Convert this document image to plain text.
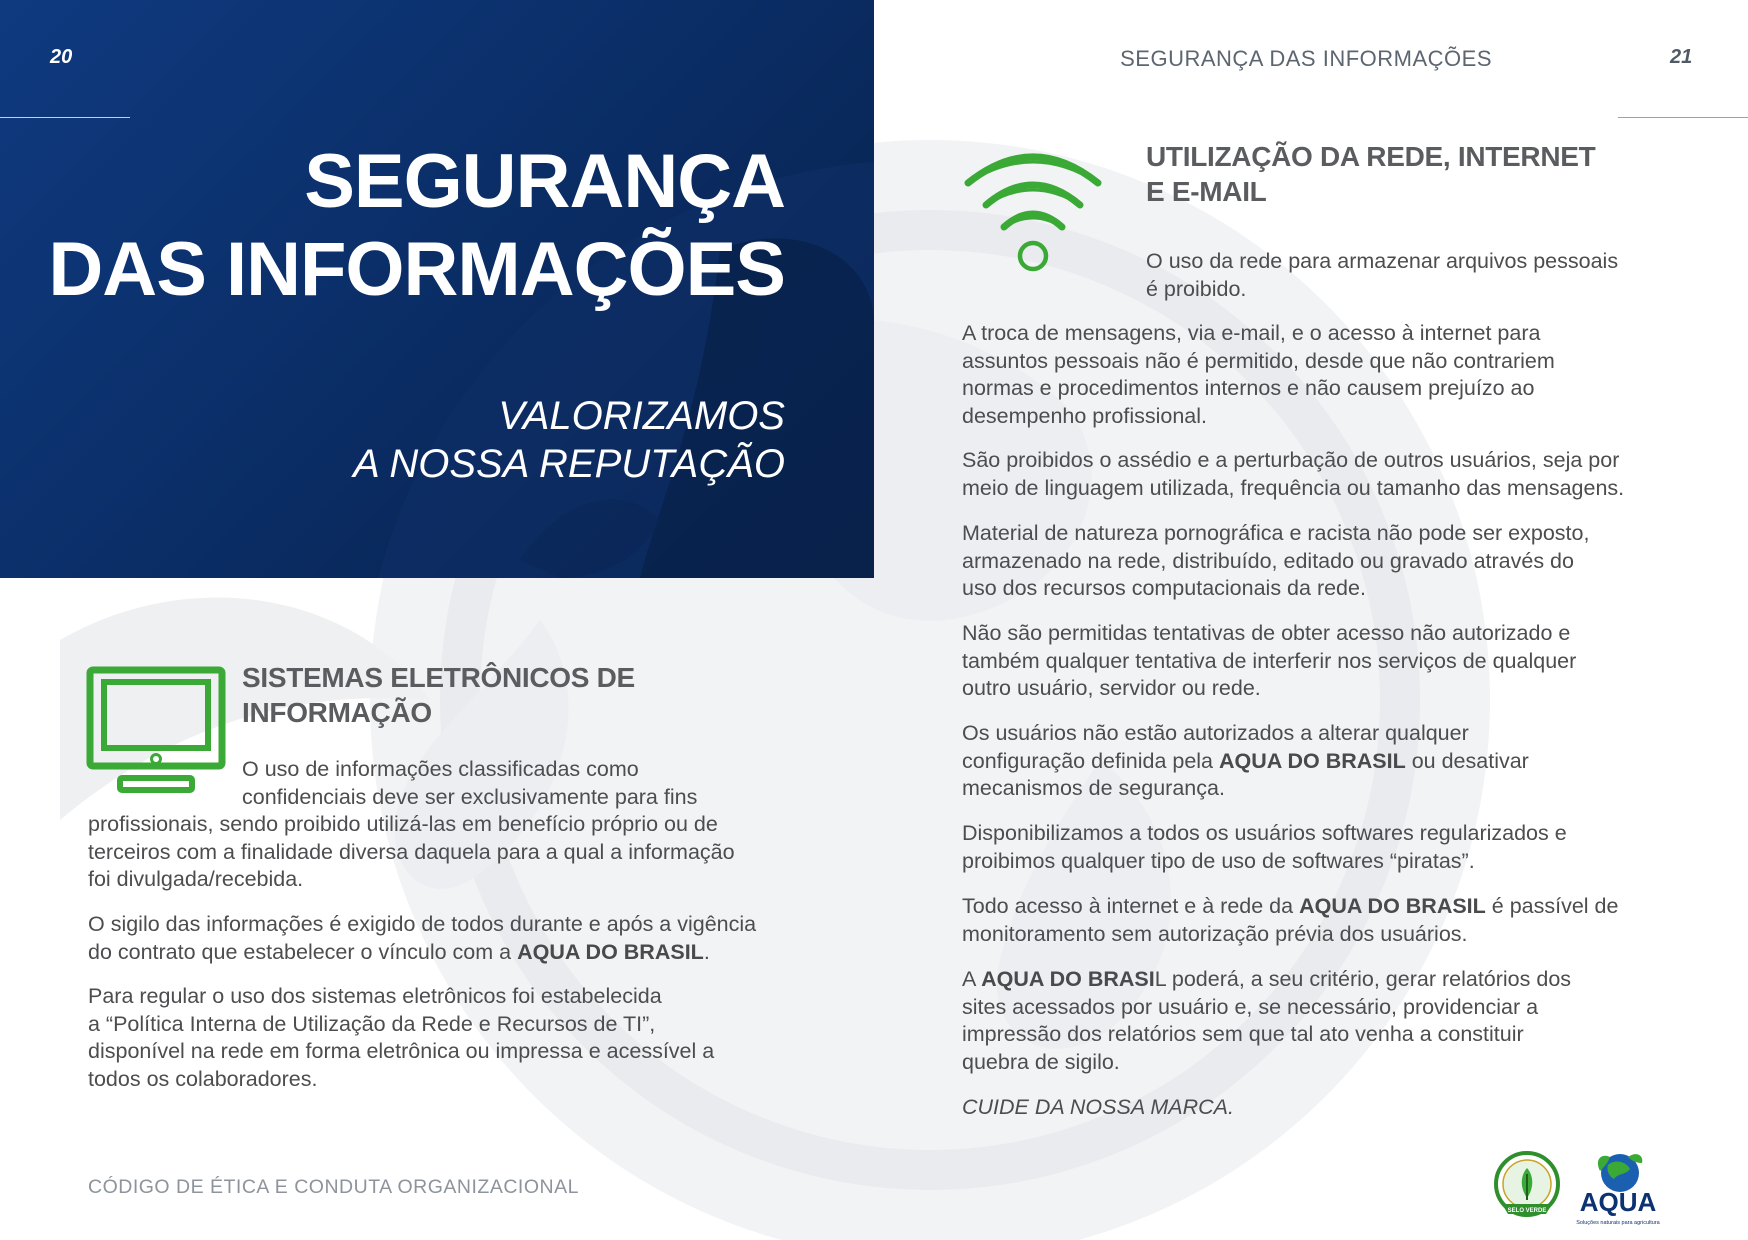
20
SEGURANÇA
DAS INFORMAÇÕES
VALORIZAMOS
A NOSSA REPUTAÇÃO
SISTEMAS ELETRÔNICOS DE
INFORMAÇÃO

O uso de informações classificadas como
confidenciais deve ser exclusivamente para fins
profissionais, sendo proibido utilizá-las em benefício próprio ou de
terceiros com a finalidade diversa daquela para a qual a informação
foi divulgada/recebida.

O sigilo das informações é exigido de todos durante e após a vigência
do contrato que estabelecer o vínculo com a AQUA DO BRASIL.

Para regular o uso dos sistemas eletrônicos foi estabelecida
a “Política Interna de Utilização da Rede e Recursos de TI”,
disponível na rede em forma eletrônica ou impressa e acessível a
todos os colaboradores.

CÓDIGO DE ÉTICA E CONDUTA ORGANIZACIONAL
SEGURANÇA DAS INFORMAÇÕES	21
UTILIZAÇÃO DA REDE, INTERNET
E E-MAIL

O uso da rede para armazenar arquivos pessoais
é proibido.

A troca de mensagens, via e-mail, e o acesso à internet para
assuntos pessoais não é permitido, desde que não contrariem
normas e procedimentos internos e não causem prejuízo ao
desempenho profissional.

São proibidos o assédio e a perturbação de outros usuários, seja por
meio de linguagem utilizada, frequência ou tamanho das mensagens.

Material de natureza pornográfica e racista não pode ser exposto,
armazenado na rede, distribuído, editado ou gravado através do
uso dos recursos computacionais da rede.

Não são permitidas tentativas de obter acesso não autorizado e
também qualquer tentativa de interferir nos serviços de qualquer
outro usuário, servidor ou rede.

Os usuários não estão autorizados a alterar qualquer
configuração definida pela AQUA DO BRASIL ou desativar
mecanismos de segurança.

Disponibilizamos a todos os usuários softwares regularizados e
proibimos qualquer tipo de uso de softwares “piratas”.

Todo acesso à internet e à rede da AQUA DO BRASIL é passível de
monitoramento sem autorização prévia dos usuários.

A AQUA DO BRASIL poderá, a seu critério, gerar relatórios dos
sites acessados por usuário e, se necessário, providenciar a
impressão dos relatórios sem que tal ato venha a constituir
quebra de sigilo.

CUIDE DA NOSSA MARCA.

SELO VERDE AQUA
Soluções naturais para agricultura
